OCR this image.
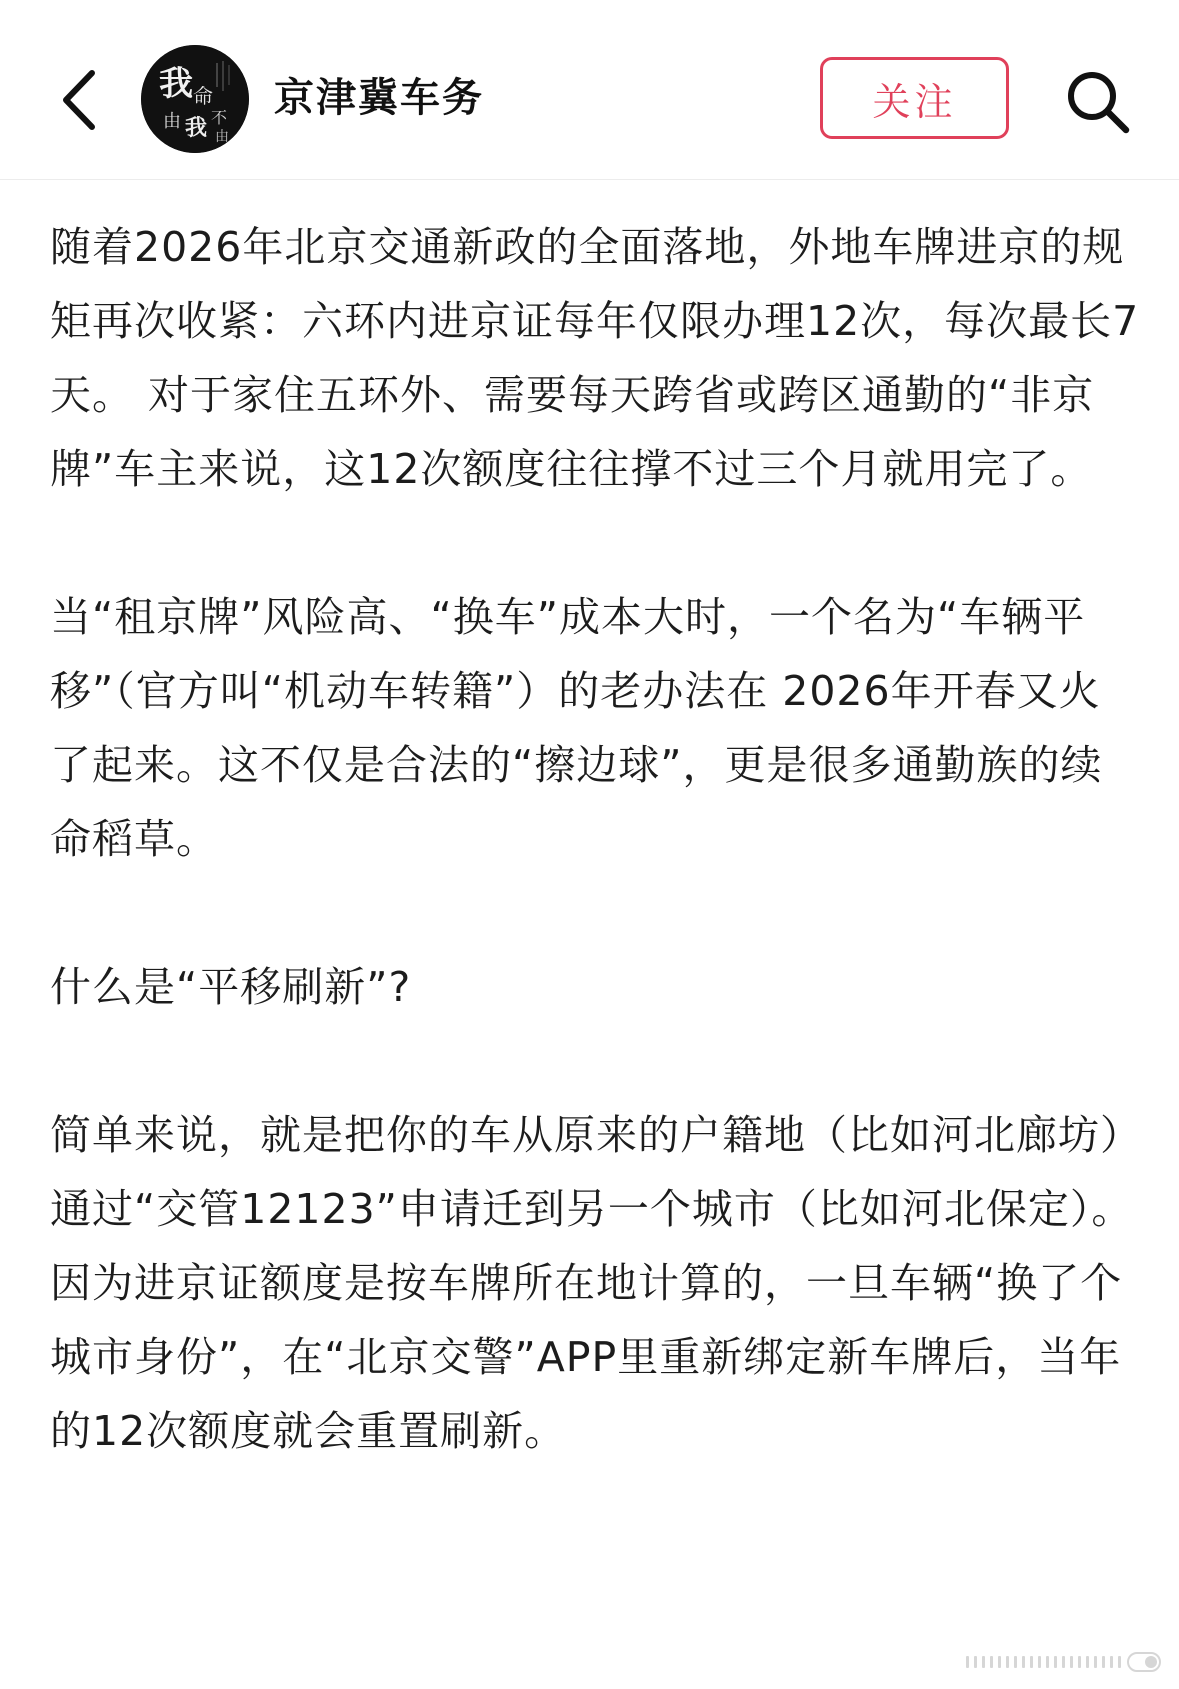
我 命
由 我 不
由
京津冀车务	关注

随着2026年北京交通新政的全面落地，外地车牌进京的规矩再次收紧：六环内进京证每年仅限办理12次，每次最长7天。 对于家住五环外、需要每天跨省或跨区通勤的“非京牌”车主来说，这12次额度往往撑不过三个月就用完了。

当“租京牌”风险高、“换车”成本大时，一个名为“车辆平移”（官方叫“机动车转籍”）的老办法在 2026年开春又火了起来。这不仅是合法的“擦边球”，更是很多通勤族的续命稻草。

什么是“平移刷新”?

简单来说，就是把你的车从原来的户籍地（比如河北廊坊）通过“交管12123”申请迁到另一个城市（比如河北保定）。因为进京证额度是按车牌所在地计算的，一旦车辆“换了个城市身份”，在“北京交警”APP里重新绑定新车牌后，当年的12次额度就会重置刷新。
